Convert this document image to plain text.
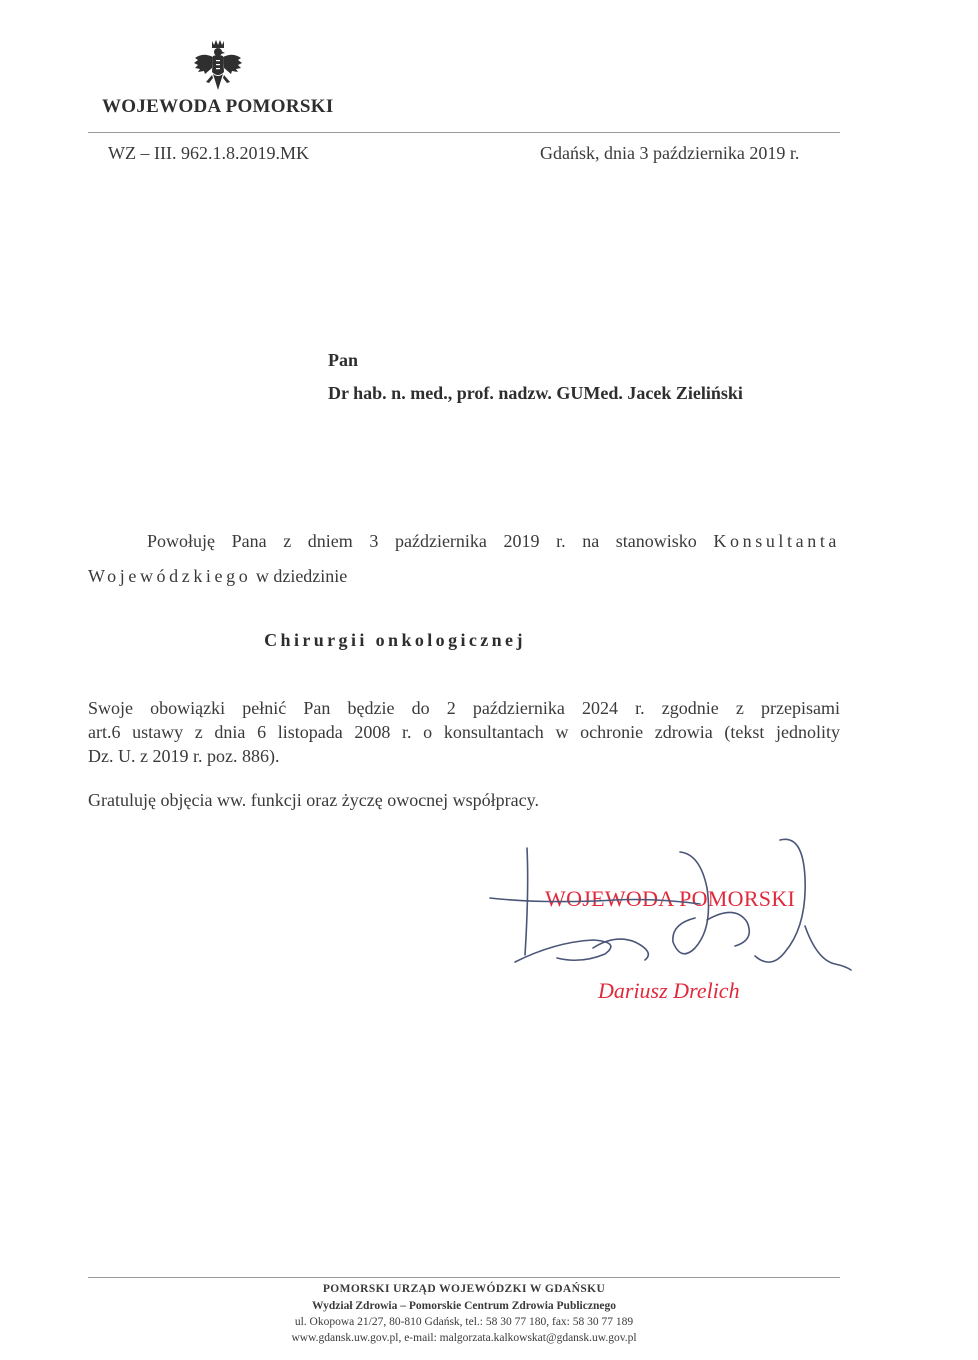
WOJEWODA POMORSKI
WZ – III. 962.1.8.2019.MK	Gdańsk, dnia 3 października 2019 r.
Pan
Dr hab. n. med., prof. nadzw. GUMed. Jacek Zieliński
Powołuję Pana z dniem 3 października 2019 r. na stanowisko Konsultanta
Wojewódzkiego w dziedzinie
Chirurgii onkologicznej
Swoje obowiązki pełnić Pan będzie do 2 października 2024 r. zgodnie z przepisami
art.6 ustawy z dnia 6 listopada 2008 r. o konsultantach w ochronie zdrowia (tekst jednolity
Dz. U. z 2019 r. poz. 886).
Gratuluję objęcia ww. funkcji oraz życzę owocnej współpracy.
WOJEWODA POMORSKI
Dariusz Drelich
POMORSKI URZĄD WOJEWÓDZKI W GDAŃSKU
Wydział Zdrowia – Pomorskie Centrum Zdrowia Publicznego
ul. Okopowa 21/27, 80-810 Gdańsk, tel.: 58 30 77 180, fax: 58 30 77 189
www.gdansk.uw.gov.pl, e-mail: malgorzata.kalkowskat@gdansk.uw.gov.pl
